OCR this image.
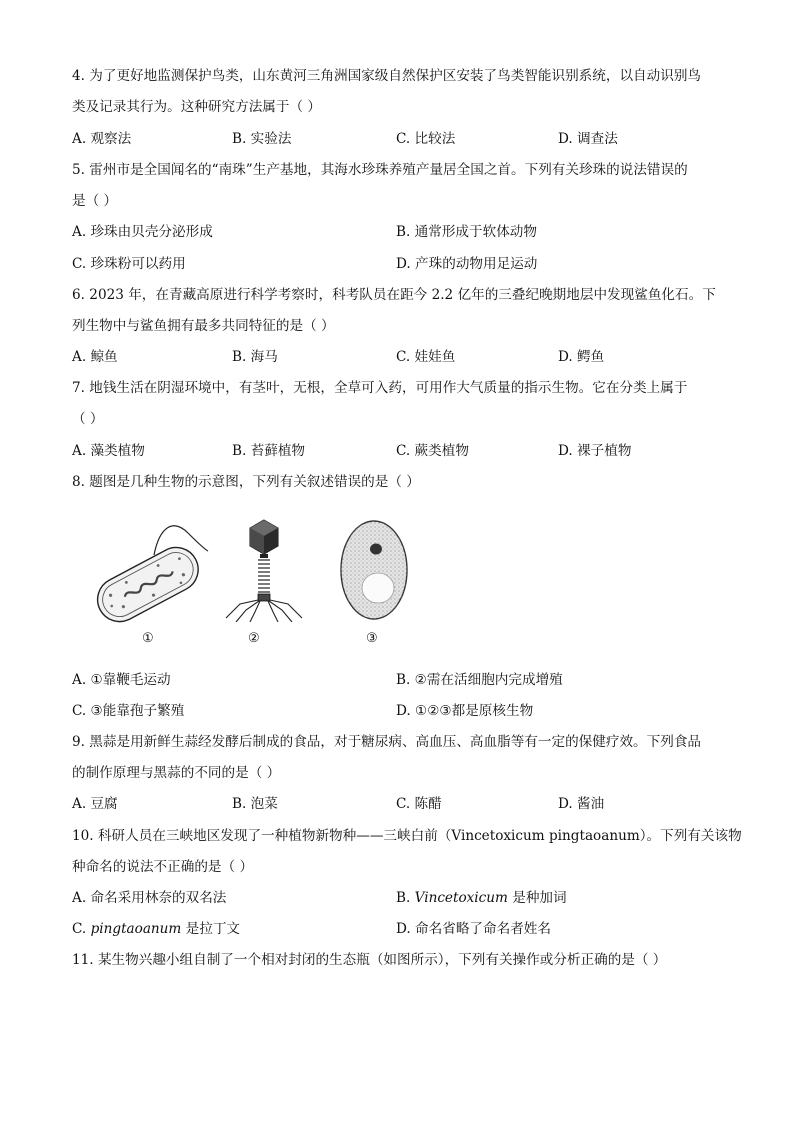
4. 为了更好地监测保护鸟类，山东黄河三角洲国家级自然保护区安装了鸟类智能识别系统，以自动识别鸟
类及记录其行为。这种研究方法属于（ ）
A. 观察法	B. 实验法	C. 比较法	D. 调查法
5. 雷州市是全国闻名的“南珠”生产基地，其海水珍珠养殖产量居全国之首。下列有关珍珠的说法错误的
是（ ）
A. 珍珠由贝壳分泌形成	B. 通常形成于软体动物
C. 珍珠粉可以药用	D. 产珠的动物用足运动
6. 2023 年，在青藏高原进行科学考察时，科考队员在距今 2.2 亿年的三叠纪晚期地层中发现鲨鱼化石。下
列生物中与鲨鱼拥有最多共同特征的是（ ）
A. 鲸鱼	B. 海马	C. 娃娃鱼	D. 鳄鱼
7. 地钱生活在阴湿环境中，有茎叶，无根，全草可入药，可用作大气质量的指示生物。它在分类上属于
（ ）
A. 藻类植物	B. 苔藓植物	C. 蕨类植物	D. 裸子植物
8. 题图是几种生物的示意图，下列有关叙述错误的是（ ）
①	②	③
A. ①靠鞭毛运动	B. ②需在活细胞内完成增殖
C. ③能靠孢子繁殖	D. ①②③都是原核生物
9. 黑蒜是用新鲜生蒜经发酵后制成的食品，对于糖尿病、高血压、高血脂等有一定的保健疗效。下列食品
的制作原理与黑蒜的不同的是（ ）
A. 豆腐	B. 泡菜	C. 陈醋	D. 酱油
10. 科研人员在三峡地区发现了一种植物新物种——三峡白前（Vincetoxicum pingtaoanum）。下列有关该物
种命名的说法不正确的是（ ）
A. 命名采用林奈的双名法	B. Vincetoxicum 是种加词
C. pingtaoanum 是拉丁文	D. 命名省略了命名者姓名
11. 某生物兴趣小组自制了一个相对封闭的生态瓶（如图所示），下列有关操作或分析正确的是（ ）
